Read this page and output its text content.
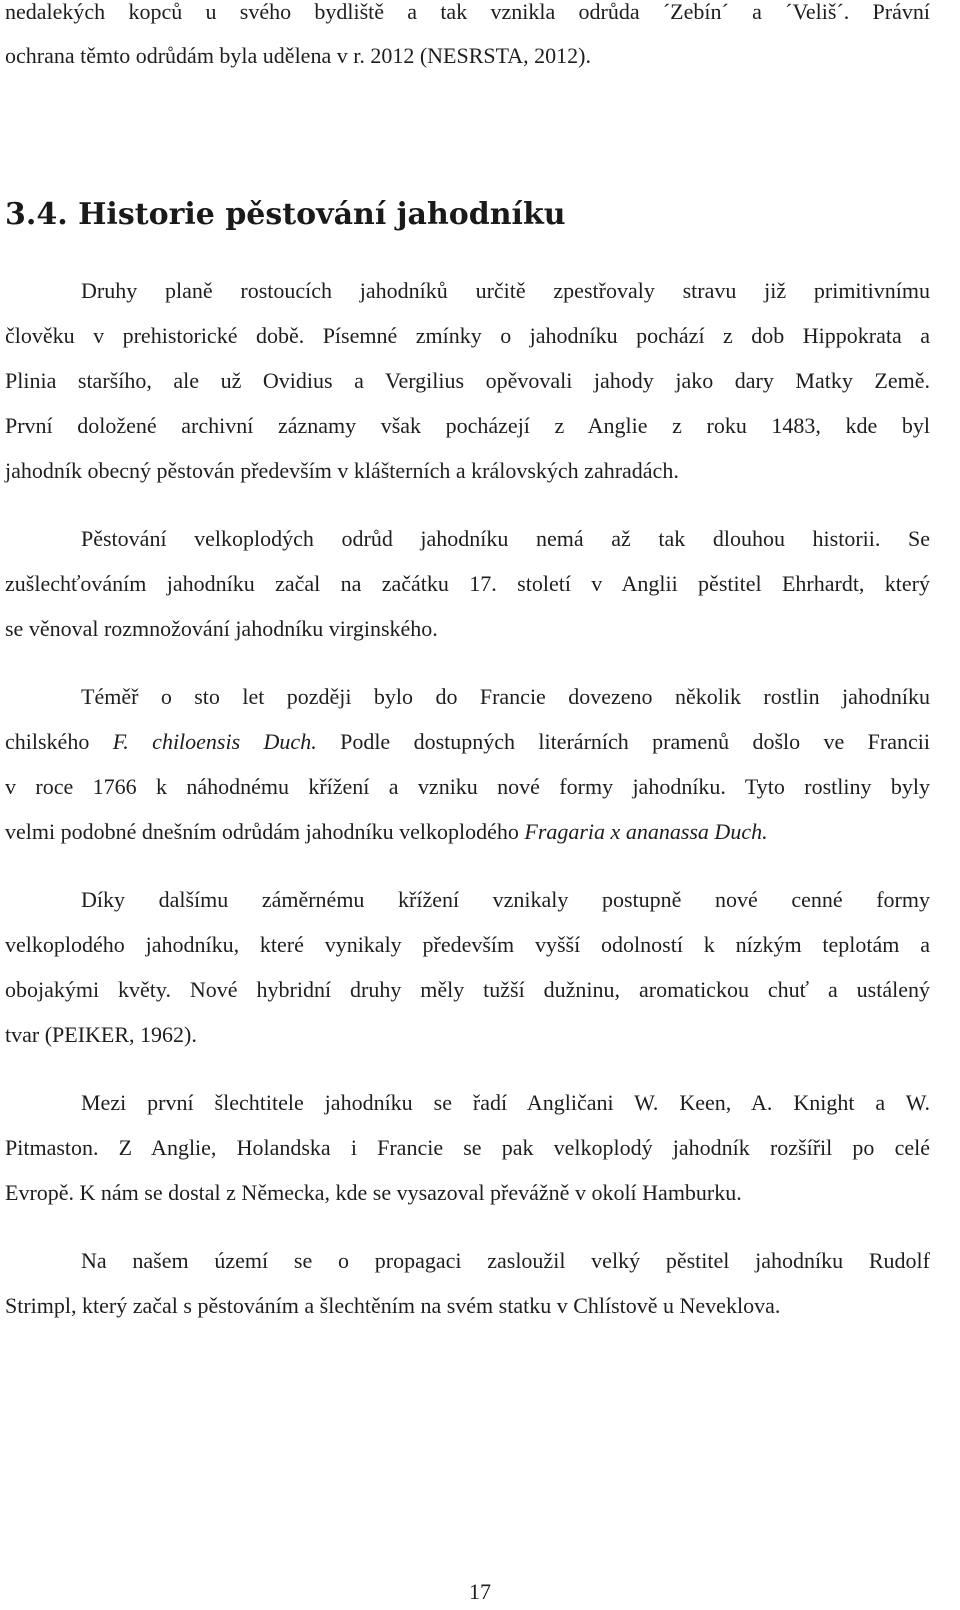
nedalekých kopců u svého bydliště a tak vznikla odrůda ´Zebín´ a ´Veliš´. Právní
ochrana těmto odrůdám byla udělena v r. 2012 (NESRSTA, 2012).
3.4. Historie pěstování jahodníku
Druhy planě rostoucích jahodníků určitě zpestřovaly stravu již primitivnímu
člověku v prehistorické době. Písemné zmínky o jahodníku pochází z dob Hippokrata a
Plinia staršího, ale už Ovidius a Vergilius opěvovali jahody jako dary Matky Země.
První doložené archivní záznamy však pocházejí z Anglie z roku 1483, kde byl
jahodník obecný pěstován především v klášterních a královských zahradách.
Pěstování velkoplodých odrůd jahodníku nemá až tak dlouhou historii. Se
zušlechťováním jahodníku začal na začátku 17. století v Anglii pěstitel Ehrhardt, který
se věnoval rozmnožování jahodníku virginského.
Téměř o sto let později bylo do Francie dovezeno několik rostlin jahodníku
chilského F. chiloensis Duch. Podle dostupných literárních pramenů došlo ve Francii
v roce 1766 k náhodnému křížení a vzniku nové formy jahodníku. Tyto rostliny byly
velmi podobné dnešním odrůdám jahodníku velkoplodého Fragaria x ananassa Duch.
Díky dalšímu záměrnému křížení vznikaly postupně nové cenné formy
velkoplodého jahodníku, které vynikaly především vyšší odolností k nízkým teplotám a
obojakými květy. Nové hybridní druhy měly tužší dužninu, aromatickou chuť a ustálený
tvar (PEIKER, 1962).
Mezi první šlechtitele jahodníku se řadí Angličani W. Keen, A. Knight a W.
Pitmaston. Z Anglie, Holandska i Francie se pak velkoplodý jahodník rozšířil po celé
Evropě. K nám se dostal z Německa, kde se vysazoval převážně v okolí Hamburku.
Na našem území se o propagaci zasloužil velký pěstitel jahodníku Rudolf
Strimpl, který začal s pěstováním a šlechtěním na svém statku v Chlístově u Neveklova.
17
